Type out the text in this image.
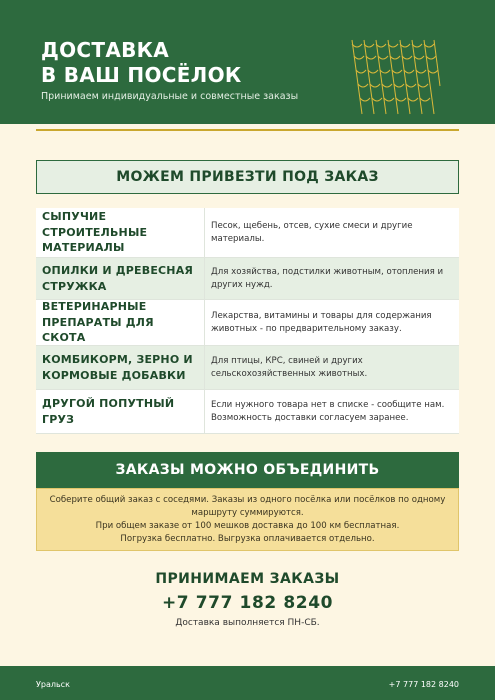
ДОСТАВКА
В ВАШ ПОСЁЛОК
Принимаем индивидуальные и совместные заказы
МОЖЕМ ПРИВЕЗТИ ПОД ЗАКАЗ
СЫПУЧИЕ СТРОИТЕЛЬНЫЕ МАТЕРИАЛЫ
Песок, щебень, отсев, сухие смеси и другие материалы.
ОПИЛКИ И ДРЕВЕСНАЯ СТРУЖКА
Для хозяйства, подстилки животным, отопления и других нужд.
ВЕТЕРИНАРНЫЕ ПРЕПАРАТЫ ДЛЯ СКОТА
Лекарства, витамины и товары для содержания животных - по предварительному заказу.
КОМБИКОРМ, ЗЕРНО И КОРМОВЫЕ ДОБАВКИ
Для птицы, КРС, свиней и других сельскохозяйственных животных.
ДРУГОЙ ПОПУТНЫЙ ГРУЗ
Если нужного товара нет в списке - сообщите нам. Возможность доставки согласуем заранее.
ЗАКАЗЫ МОЖНО ОБЪЕДИНИТЬ

Соберите общий заказ с соседями. Заказы из одного посёлка или посёлков по одному

маршруту суммируются.

При общем заказе от 100 мешков доставка до 100 км бесплатная.

Погрузка бесплатно. Выгрузка оплачивается отдельно.

ПРИНИМАЕМ ЗАКАЗЫ
+7 777 182 8240
Доставка выполняется ПН-СБ.
Уральск	+7 777 182 8240
